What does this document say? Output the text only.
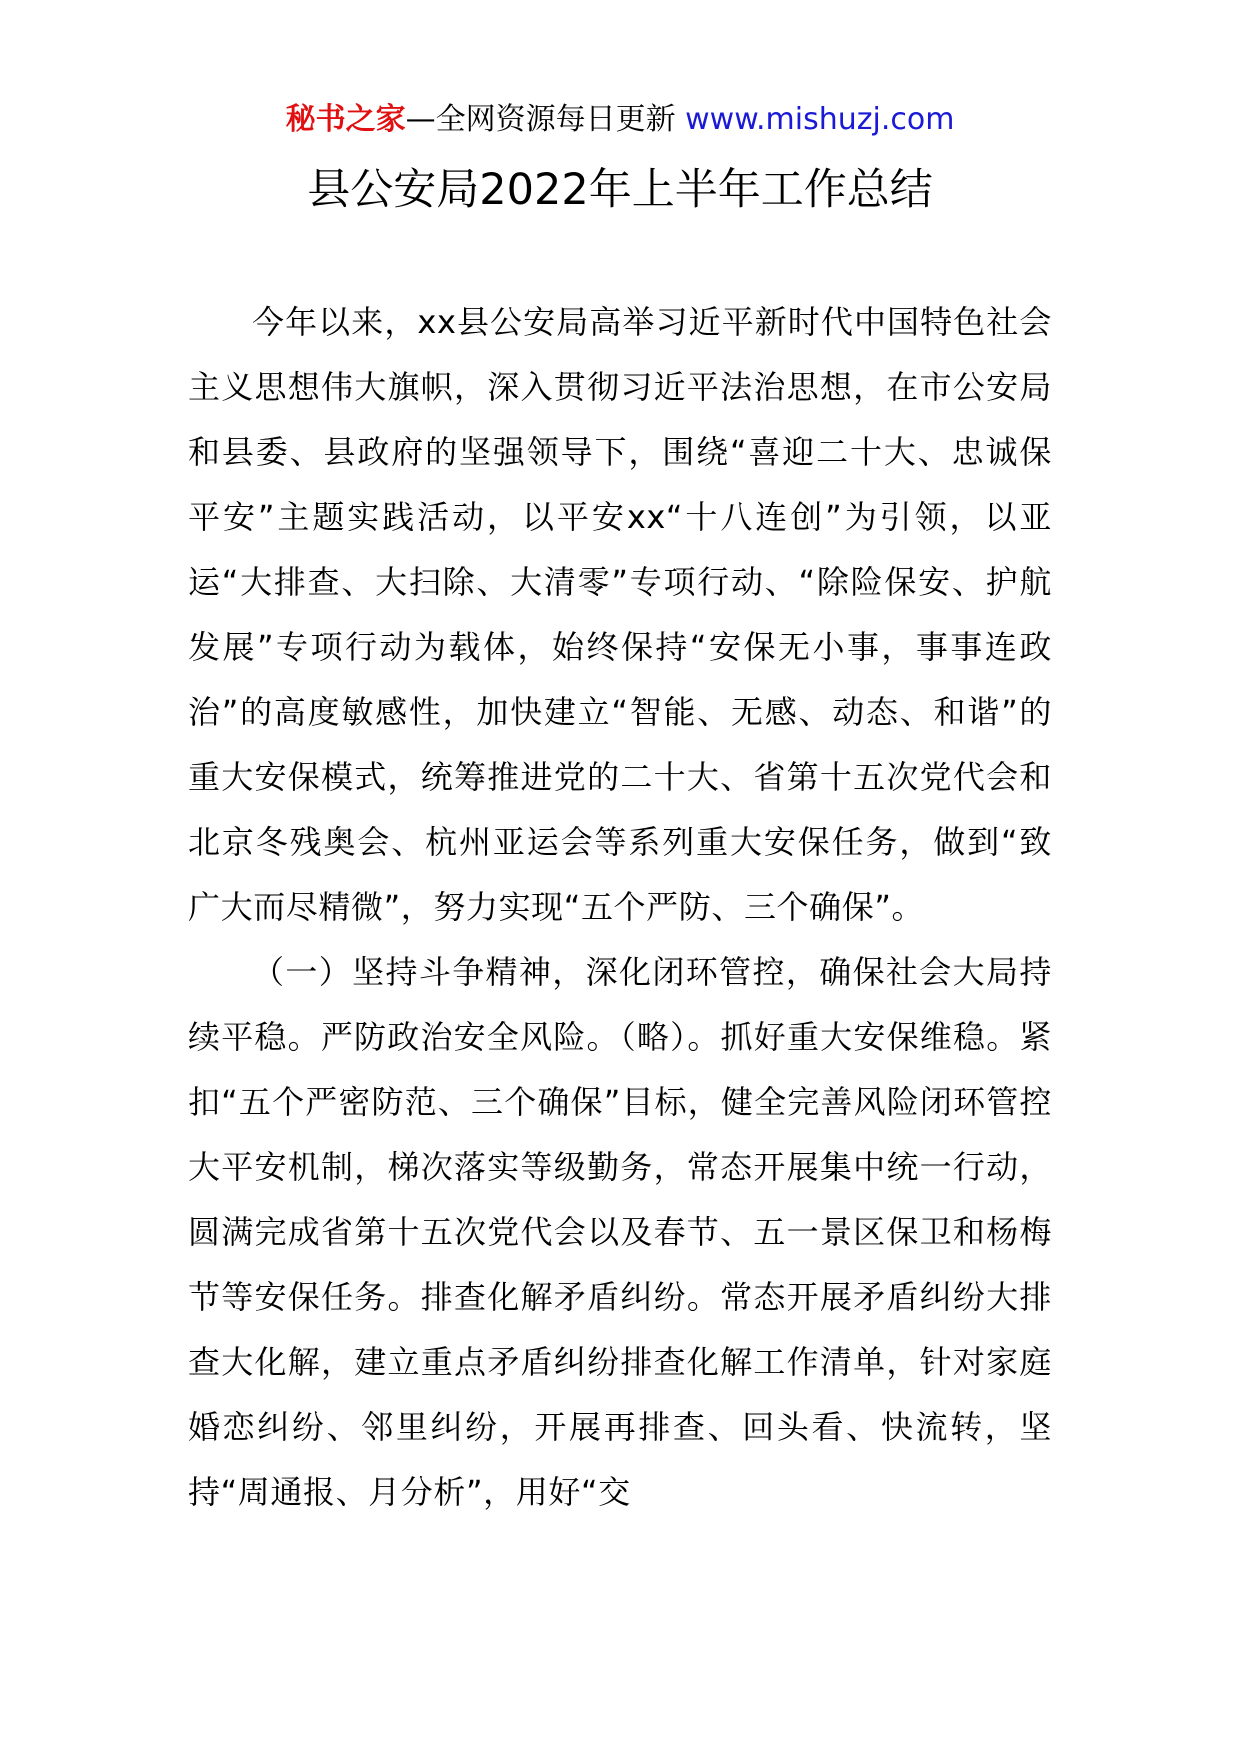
秘书之家—全网资源每日更新 www.mishuzj.com
县公安局2022年上半年工作总结

今年以来，xx县公安局高举习近平新时代中国特色社会主义思想伟大旗帜，深入贯彻习近平法治思想，在市公安局和县委、县政府的坚强领导下，围绕“喜迎二十大、忠诚保平安”主题实践活动，以平安xx“十八连创”为引领，以亚运“大排查、大扫除、大清零”专项行动、“除险保安、护航发展”专项行动为载体，始终保持“安保无小事，事事连政治”的高度敏感性，加快建立“智能、无感、动态、和谐”的重大安保模式，统筹推进党的二十大、省第十五次党代会和北京冬残奥会、杭州亚运会等系列重大安保任务，做到“致广大而尽精微”，努力实现“五个严防、三个确保”。

（一）坚持斗争精神，深化闭环管控，确保社会大局持续平稳。严防政治安全风险。（略）。抓好重大安保维稳。紧扣“五个严密防范、三个确保”目标，健全完善风险闭环管控大平安机制，梯次落实等级勤务，常态开展集中统一行动，圆满完成省第十五次党代会以及春节、五一景区保卫和杨梅节等安保任务。排查化解矛盾纠纷。常态开展矛盾纠纷大排查大化解，建立重点矛盾纠纷排查化解工作清单，针对家庭婚恋纠纷、邻里纠纷，开展再排查、回头看、快流转，坚持“周通报、月分析”，用好“交
